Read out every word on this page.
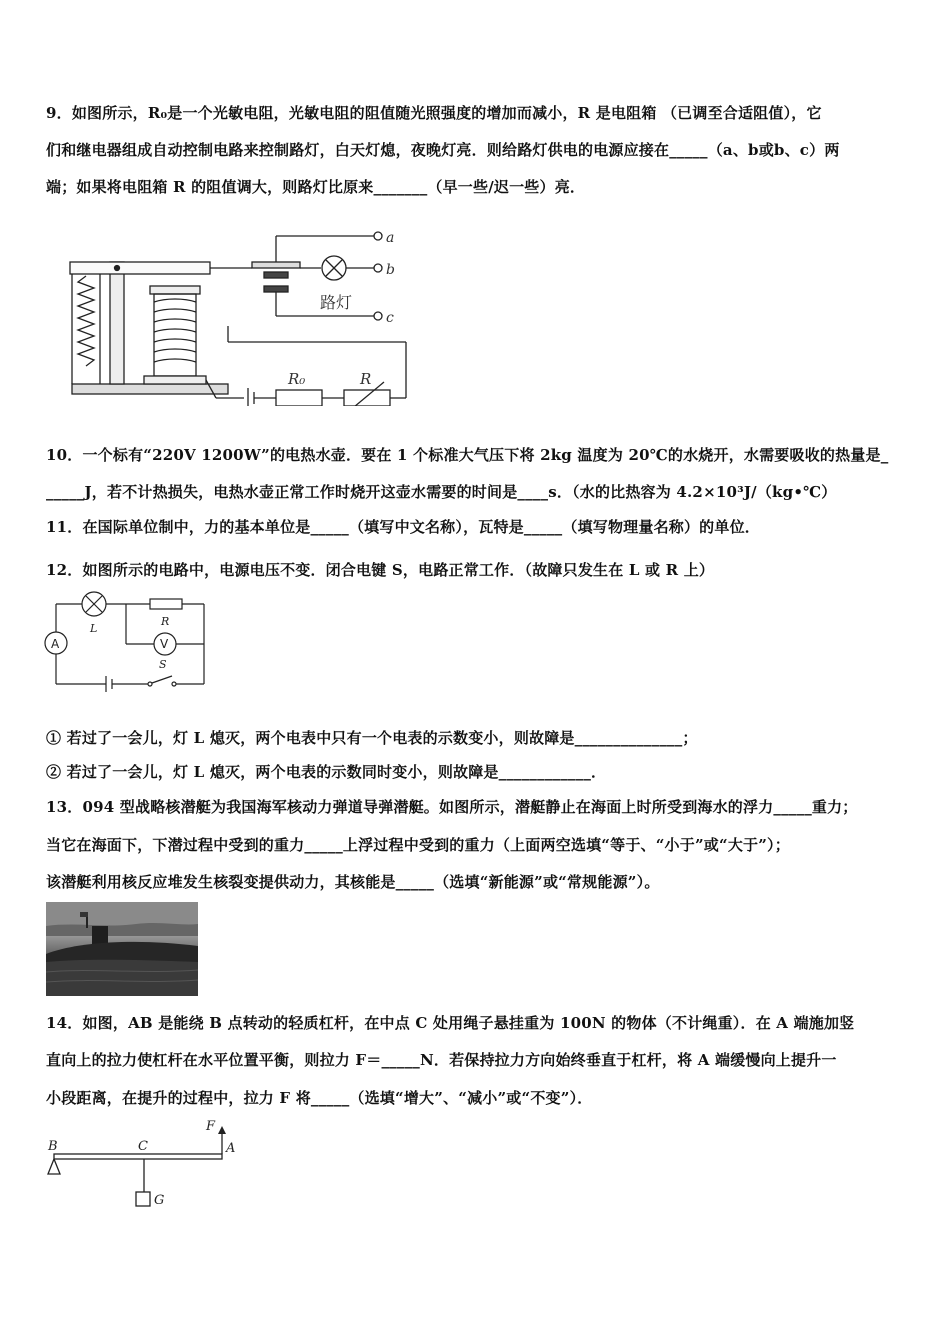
9．如图所示，R₀是一个光敏电阻，光敏电阻的阻值随光照强度的增加而减小，R 是电阻箱 （已调至合适阻值），它
们和继电器组成自动控制电路来控制路灯，白天灯熄，夜晚灯亮．则给路灯供电的电源应接在_____（a、b或b、c）两
端；如果将电阻箱 R 的阻值调大，则路灯比原来_______（早一些/迟一些）亮．
a
b
c
路灯
R₀	R
10．一个标有“220V 1200W”的电热水壶．要在 1 个标准大气压下将 2kg 温度为 20℃的水烧开，水需要吸收的热量是_
_____J，若不计热损失，电热水壶正常工作时烧开这壶水需要的时间是____s．（水的比热容为 4.2×10³J/（kg•℃）
11．在国际单位制中，力的基本单位是_____（填写中文名称），瓦特是_____（填写物理量名称）的单位．
12．如图所示的电路中，电源电压不变．闭合电键 S，电路正常工作．（故障只发生在 L 或 R 上）
A
L
R
V
S
① 若过了一会儿，灯 L 熄灭，两个电表中只有一个电表的示数变小，则故障是______________；
② 若过了一会儿，灯 L 熄灭，两个电表的示数同时变小，则故障是____________．
13．094 型战略核潜艇为我国海军核动力弹道导弹潜艇。如图所示，潜艇静止在海面上时所受到海水的浮力_____重力；
当它在海面下，下潜过程中受到的重力_____上浮过程中受到的重力（上面两空选填“等于、“小于”或“大于”）；
该潜艇利用核反应堆发生核裂变提供动力，其核能是_____（选填“新能源”或“常规能源”）。
14．如图，AB 是能绕 B 点转动的轻质杠杆，在中点 C 处用绳子悬挂重为 100N 的物体（不计绳重）．在 A 端施加竖
直向上的拉力使杠杆在水平位置平衡，则拉力 F＝_____N．若保持拉力方向始终垂直于杠杆，将 A 端缓慢向上提升一
小段距离，在提升的过程中，拉力 F 将_____（选填“增大”、“减小”或“不变”）．
B	C	A
F
G
